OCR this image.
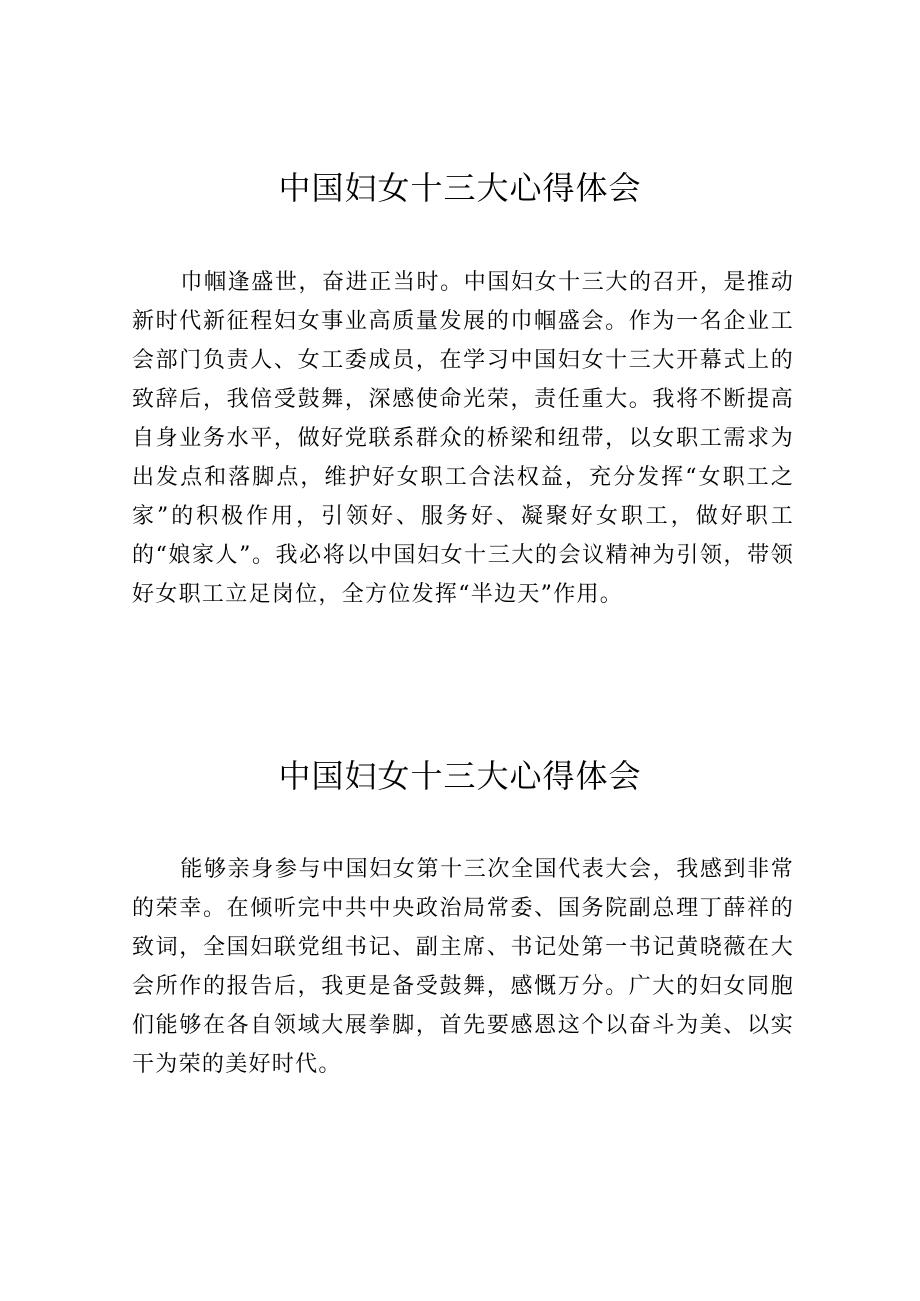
中国妇女十三大心得体会

巾帼逢盛世，奋进正当时。中国妇女十三大的召开，是推动新时代新征程妇女事业高质量发展的巾帼盛会。作为一名企业工会部门负责人、女工委成员，在学习中国妇女十三大开幕式上的致辞后，我倍受鼓舞，深感使命光荣，责任重大。我将不断提高自身业务水平，做好党联系群众的桥梁和纽带，以女职工需求为出发点和落脚点，维护好女职工合法权益，充分发挥“女职工之家”的积极作用，引领好、服务好、凝聚好女职工，做好职工的“娘家人”。我必将以中国妇女十三大的会议精神为引领，带领好女职工立足岗位，全方位发挥“半边天”作用。

中国妇女十三大心得体会

能够亲身参与中国妇女第十三次全国代表大会，我感到非常的荣幸。在倾听完中共中央政治局常委、国务院副总理丁薛祥的致词，全国妇联党组书记、副主席、书记处第一书记黄晓薇在大会所作的报告后，我更是备受鼓舞，感慨万分。广大的妇女同胞们能够在各自领域大展拳脚，首先要感恩这个以奋斗为美、以实干为荣的美好时代。
